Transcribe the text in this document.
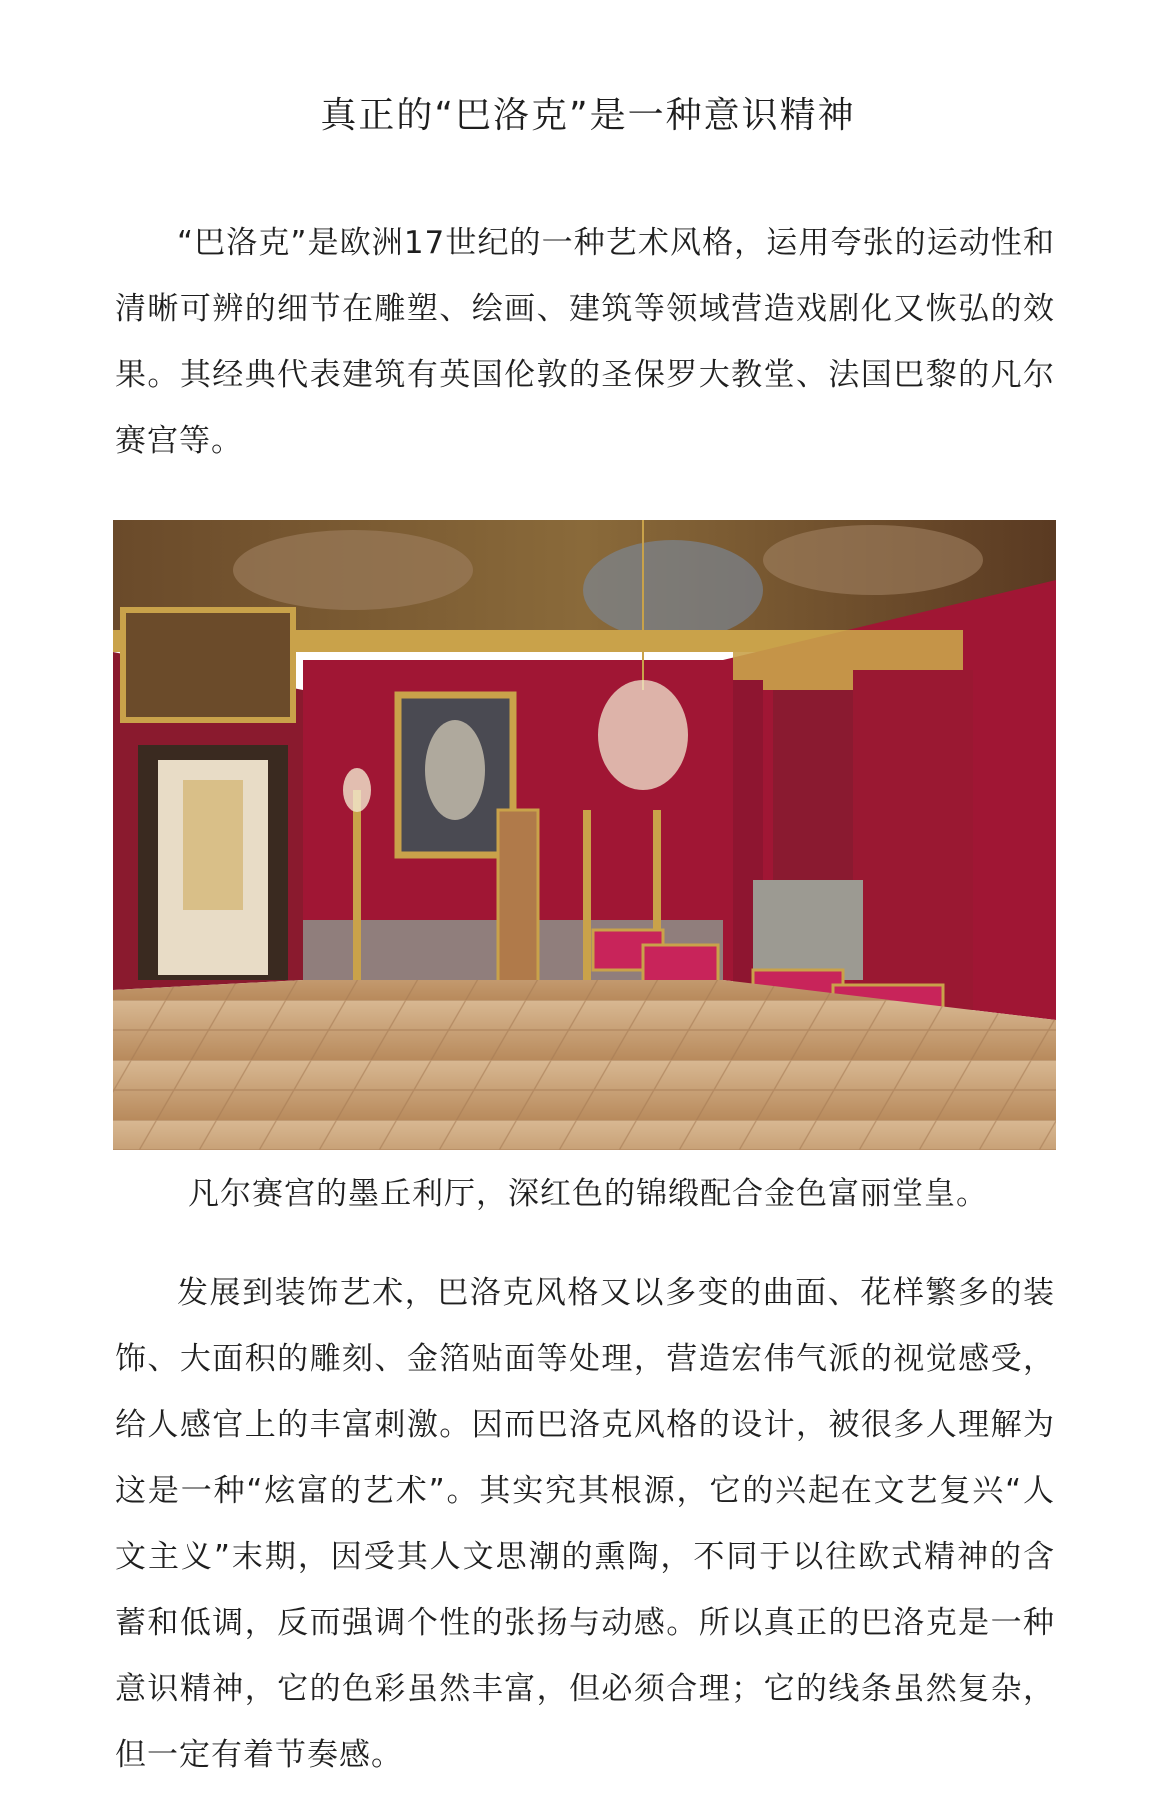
真正的“巴洛克”是一种意识精神

“巴洛克”是欧洲17世纪的一种艺术风格，运用夸张的运动性和清晰可辨的细节在雕塑、绘画、建筑等领域营造戏剧化又恢弘的效果。其经典代表建筑有英国伦敦的圣保罗大教堂、法国巴黎的凡尔赛宫等。

凡尔赛宫的墨丘利厅，深红色的锦缎配合金色富丽堂皇。

发展到装饰艺术，巴洛克风格又以多变的曲面、花样繁多的装饰、大面积的雕刻、金箔贴面等处理，营造宏伟气派的视觉感受，给人感官上的丰富刺激。因而巴洛克风格的设计，被很多人理解为这是一种“炫富的艺术”。其实究其根源，它的兴起在文艺复兴“人文主义”末期，因受其人文思潮的熏陶，不同于以往欧式精神的含蓄和低调，反而强调个性的张扬与动感。所以真正的巴洛克是一种意识精神，它的色彩虽然丰富，但必须合理；它的线条虽然复杂，但一定有着节奏感。
